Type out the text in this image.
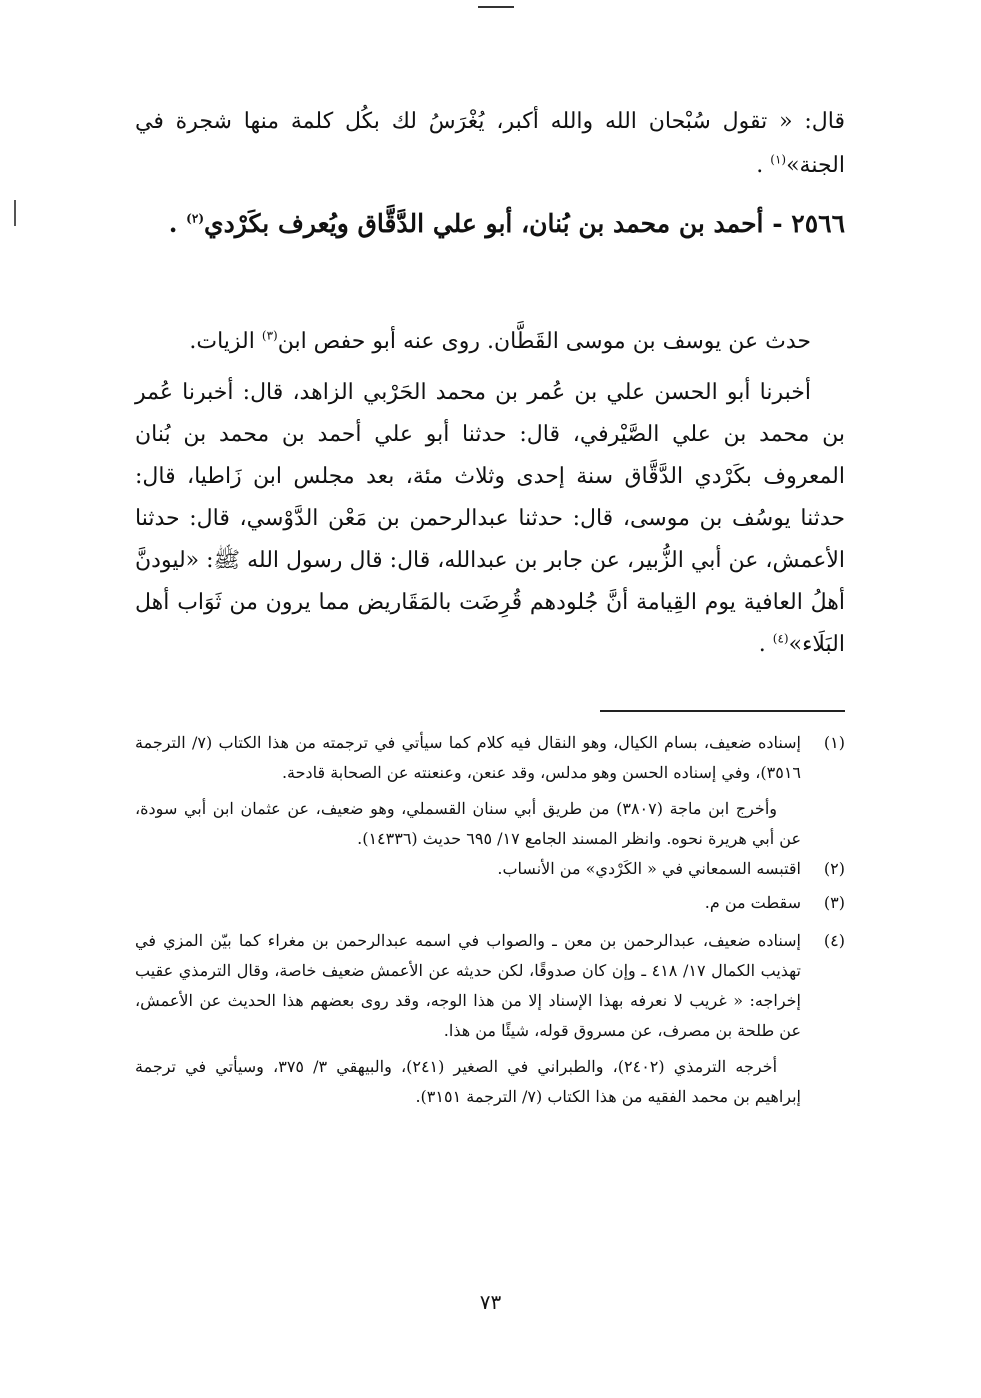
قال: « تقول سُبْحان الله والله أكبر، يُغْرَسُ لك بكُل كلمة منها شجرة في الجنة»$^{(١)}$ .

٢٥٦٦ - أحمد بن محمد بن بُنان، أبو علي الدَّقَّاق ويُعرف بكَرْدي$^{(٢)}$ .

حدث عن يوسف بن موسى القَطَّان. روى عنه أبو حفص ابن$^{(٣)}$ الزيات.

أخبرنا أبو الحسن علي بن عُمر بن محمد الحَرْبي الزاهد، قال: أخبرنا عُمر بن محمد بن علي الصَّيْرفي، قال: حدثنا أبو علي أحمد بن محمد بن بُنان المعروف بكَرْدي الدَّقَّاق سنة إحدى وثلاث مئة، بعد مجلس ابن زَاطيا، قال: حدثنا يوسُف بن موسى، قال: حدثنا عبدالرحمن بن مَعْن الدَّوْسي، قال: حدثنا الأعمش، عن أبي الزُّبير، عن جابر بن عبدالله، قال: قال رسول الله ﷺ: «ليودنَّ أهلُ العافية يوم القِيامة أنَّ جُلودهم قُرِضَت بالمَقَاريض مما يرون من ثَوَاب أهل البَلَاء»$^{(٤)}$ .

(١)
إسناده ضعيف، بسام الكيال، وهو النقال فيه كلام كما سيأتي في ترجمته من هذا الكتاب (٧/ الترجمة ٣٥١٦)، وفي إسناده الحسن وهو مدلس، وقد عنعن، وعنعنته عن الصحابة قادحة.

وأخرج ابن ماجة (٣٨٠٧) من طريق أبي سنان القسملي، وهو ضعيف، عن عثمان ابن أبي سودة، عن أبي هريرة نحوه. وانظر المسند الجامع ١٧/ ٦٩٥ حديث (١٤٣٣٦).

(٢)
اقتبسه السمعاني في « الكَرْدي» من الأنساب.
(٣)
سقطت من م.
(٤)
إسناده ضعيف، عبدالرحمن بن معن ـ والصواب في اسمه عبدالرحمن بن مغراء كما بيّن المزي في تهذيب الكمال ١٧/ ٤١٨ ـ وإن كان صدوقًا، لكن حديثه عن الأعمش ضعيف خاصة، وقال الترمذي عقيب إخراجه: « غريب لا نعرفه بهذا الإسناد إلا من هذا الوجه، وقد روى بعضهم هذا الحديث عن الأعمش، عن طلحة بن مصرف، عن مسروق قوله، شيئًا من هذا.

أخرجه الترمذي (٢٤٠٢)، والطبراني في الصغير (٢٤١)، والبيهقي ٣/ ٣٧٥، وسيأتي في ترجمة إبراهيم بن محمد الفقيه من هذا الكتاب (٧/ الترجمة ٣١٥١).

٧٣
